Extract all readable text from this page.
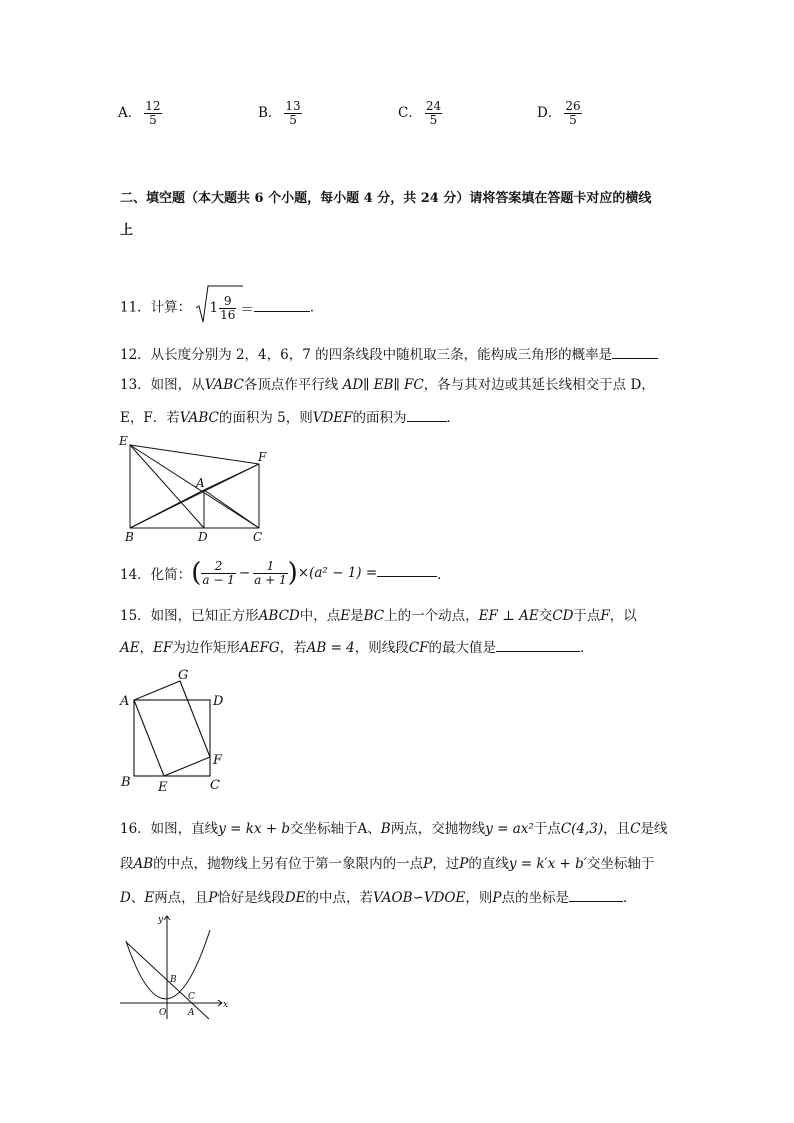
A． $\frac{12}{5}$	B． $\frac{13}{5}$	C． $\frac{24}{5}$	D． $\frac{26}{5}$
二、填空题（本大题共 6 个小题，每小题 4 分，共 24 分）请将答案填在答题卡对应的横线
上
11．计算： $1 \frac{9}{16}$ ＝	．
12．从长度分别为 2，4，6，7 的四条线段中随机取三条，能构成三角形的概率是
13．如图，从VABC各顶点作平行线 AD∥ EB∥ FC，各与其对边或其延长线相交于点 D，
E，F．若VABC的面积为 5，则VDEF的面积为	．
E
F
A
B	D	C
14．化简：( $\frac{2}{a - 1} - \frac{1}{a + 1} )\times(a^2 - 1)$ =	．
15．如图，已知正方形ABCD中，点E是BC上的一个动点，EF ⊥ AE交CD于点F，以
AE，EF为边作矩形AEFG，若AB = 4，则线段CF的最大值是	．
A
G
D
F
B E	C
16．如图，直线y = kx + b交坐标轴于A、B两点，交抛物线y = ax²于点C(4,3)，且C是线
段AB的中点，抛物线上另有位于第一象限内的一点P，过P的直线y = k′x + b′交坐标轴于
D、E两点，且P恰好是线段DE的中点，若VAOB∽VDOE，则P点的坐标是	．
y
x
O A
B
C
